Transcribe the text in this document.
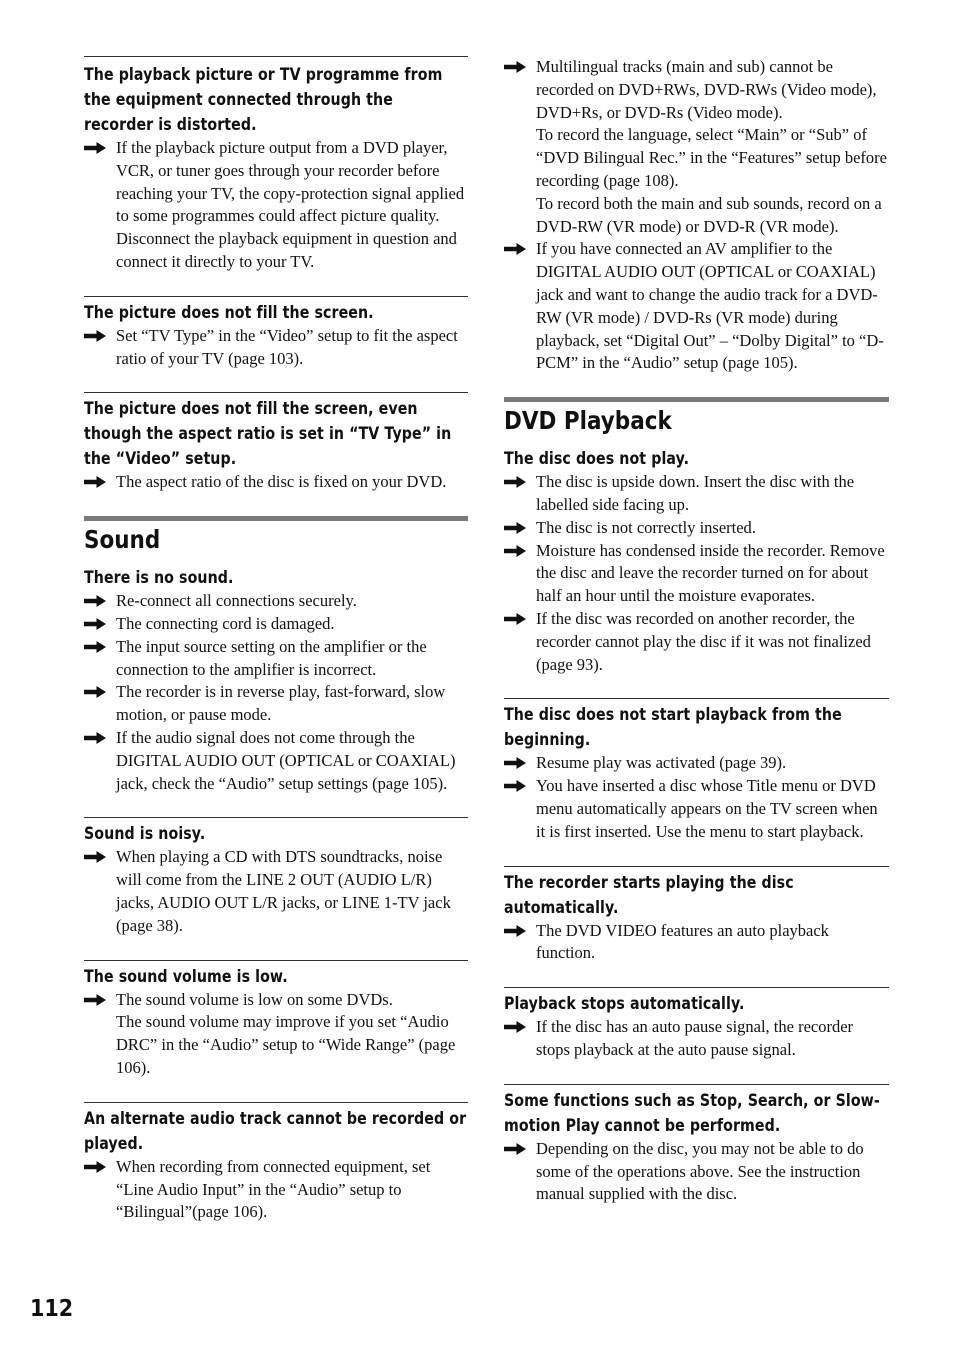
The playback picture or TV programme from the equipment connected through the recorder is distorted.
If the playback picture output from a DVD player, VCR, or tuner goes through your recorder before reaching your TV, the copy-protection signal applied to some programmes could affect picture quality. Disconnect the playback equipment in question and connect it directly to your TV.
The picture does not fill the screen.
Set “TV Type” in the “Video” setup to fit the aspect ratio of your TV (page 103).
The picture does not fill the screen, even though the aspect ratio is set in “TV Type” in the “Video” setup.
The aspect ratio of the disc is fixed on your DVD.
Sound
There is no sound.
Re-connect all connections securely.
The connecting cord is damaged.
The input source setting on the amplifier or the connection to the amplifier is incorrect.
The recorder is in reverse play, fast-forward, slow motion, or pause mode.
If the audio signal does not come through the DIGITAL AUDIO OUT (OPTICAL or COAXIAL) jack, check the “Audio” setup settings (page 105).
Sound is noisy.
When playing a CD with DTS soundtracks, noise will come from the LINE 2 OUT (AUDIO L/R) jacks, AUDIO OUT L/R jacks, or LINE 1-TV jack (page 38).
The sound volume is low.
The sound volume is low on some DVDs.
The sound volume may improve if you set “Audio DRC” in the “Audio” setup to “Wide Range” (page 106).
An alternate audio track cannot be recorded or played.
When recording from connected equipment, set “Line Audio Input” in the “Audio” setup to “Bilingual”(page 106).
Multilingual tracks (main and sub) cannot be recorded on DVD+RWs, DVD-RWs (Video mode), DVD+Rs, or DVD-Rs (Video mode).
To record the language, select “Main” or “Sub” of “DVD Bilingual Rec.” in the “Features” setup before recording (page 108).
To record both the main and sub sounds, record on a DVD-RW (VR mode) or DVD-R (VR mode).
If you have connected an AV amplifier to the DIGITAL AUDIO OUT (OPTICAL or COAXIAL) jack and want to change the audio track for a DVD-RW (VR mode) / DVD-Rs (VR mode) during playback, set “Digital Out” – “Dolby Digital” to “D-PCM” in the “Audio” setup (page 105).
DVD Playback
The disc does not play.
The disc is upside down. Insert the disc with the labelled side facing up.
The disc is not correctly inserted.
Moisture has condensed inside the recorder. Remove the disc and leave the recorder turned on for about half an hour until the moisture evaporates.
If the disc was recorded on another recorder, the recorder cannot play the disc if it was not finalized (page 93).
The disc does not start playback from the beginning.
Resume play was activated (page 39).
You have inserted a disc whose Title menu or DVD menu automatically appears on the TV screen when it is first inserted. Use the menu to start playback.
The recorder starts playing the disc automatically.
The DVD VIDEO features an auto playback function.
Playback stops automatically.
If the disc has an auto pause signal, the recorder stops playback at the auto pause signal.
Some functions such as Stop, Search, or Slow-motion Play cannot be performed.
Depending on the disc, you may not be able to do some of the operations above. See the instruction manual supplied with the disc.
112
